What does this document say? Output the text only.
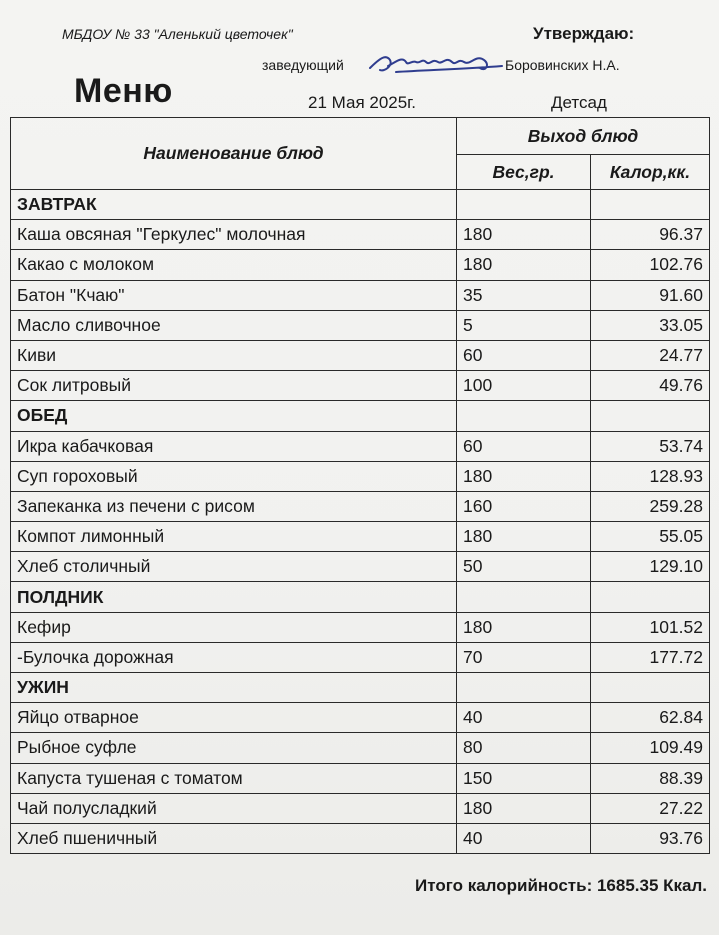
МБДОУ № 33 "Аленький цветочек"	Утверждаю:
заведующий	Боровинских Н.А.
Меню	21 Мая 2025г.	Детсад
Наименование блюд	Выход блюд	
	Вес,гр.	Калор,кк.
ЗАВТРАК		
Каша овсяная "Геркулес" молочная	180	96.37
Какао с молоком	180	102.76
Батон "Кчаю"	35	91.60
Масло сливочное	5	33.05
Киви	60	24.77
Сок литровый	100	49.76
ОБЕД		
Икра кабачковая	60	53.74
Суп гороховый	180	128.93
Запеканка из печени с рисом	160	259.28
Компот лимонный	180	55.05
Хлеб столичный	50	129.10
ПОЛДНИК		
Кефир	180	101.52
-Булочка дорожная	70	177.72
УЖИН		
Яйцо отварное	40	62.84
Рыбное суфле	80	109.49
Капуста тушеная с томатом	150	88.39
Чай полусладкий	180	27.22
Хлеб пшеничный	40	93.76
Итого калорийность: 1685.35 Ккал.
